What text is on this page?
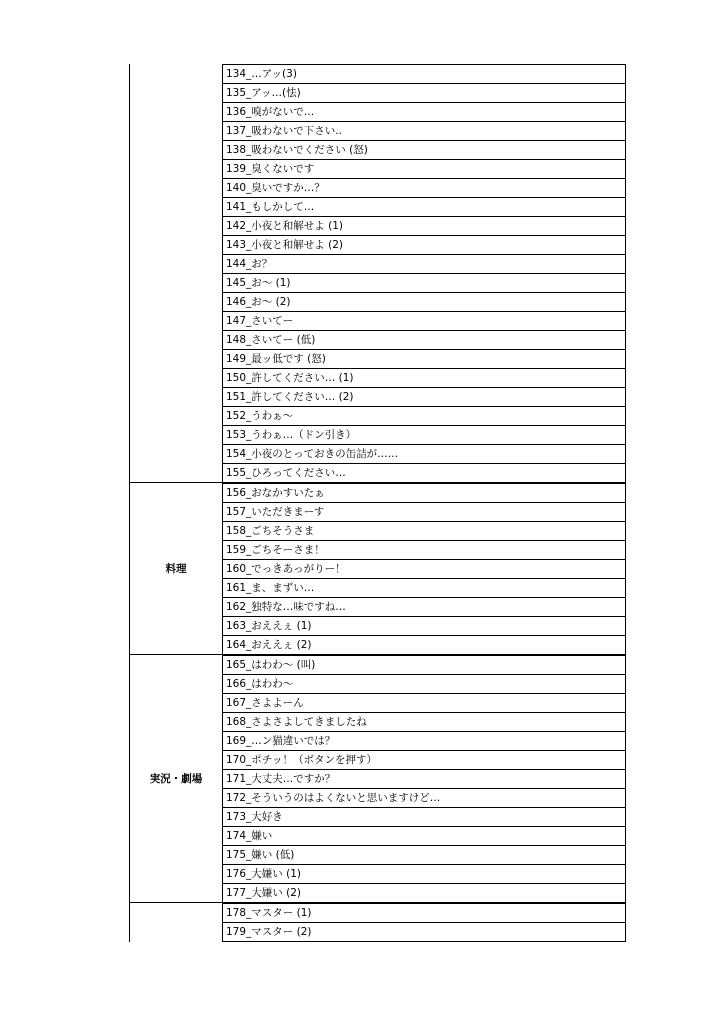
134_…アッ(3)
135_アッ…(怯)
136_嗅がないで…
137_吸わないで下さい..
138_吸わないでください (怒)
139_臭くないです
140_臭いですか…？
141_もしかして…
142_小夜と和解せよ (1)
143_小夜と和解せよ (2)
144_お？
145_お～ (1)
146_お～ (2)
147_さいてー
148_さいてー (低)
149_最ッ低です (怒)
150_許してください… (1)
151_許してください… (2)
152_うわぁ～
153_うわぁ…（ドン引き）
154_小夜のとっておきの缶詰が……
155_ひろってください…
料理
156_おなかすいたぁ
157_いただきまーす
158_ごちそうさま
159_ごちそーさま！
160_でっきあっがりー！
161_ま、まずい…
162_独特な…味ですね…
163_おええぇ (1)
164_おええぇ (2)
実況・劇場
165_はわわ～ (叫)
166_はわわ～
167_さよよーん
168_さよさよしてきましたね
169_…ン猫違いでは？
170_ポチッ！（ボタンを押す）
171_大丈夫…ですか？
172_そういうのはよくないと思いますけど…
173_大好き
174_嫌い
175_嫌い (低)
176_大嫌い (1)
177_大嫌い (2)
178_マスター (1)
179_マスター (2)
